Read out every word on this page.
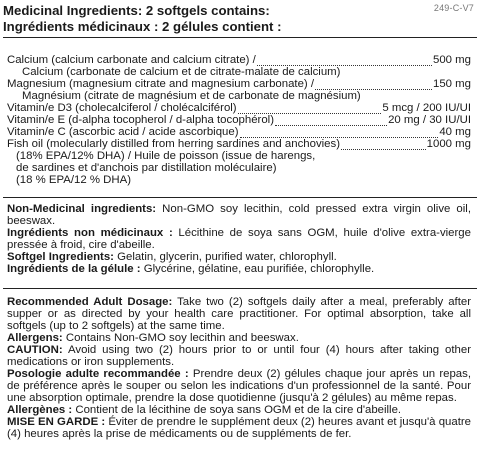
249-C-V7
Medicinal Ingredients: 2 softgels contains:
Ingrédients médicinaux : 2 gélules contient :
Calcium (calcium carbonate and calcium citrate) /	500 mg
Calcium (carbonate de calcium et de citrate-malate de calcium)
Magnesium (magnesium citrate and magnesium carbonate) /	150 mg
Magnésium (citrate de magnésium et de carbonate de magnésium)
Vitamin/e D3 (cholecalciferol / cholécalciférol)	5 mcg / 200 IU/UI
Vitamin/e E (d-alpha tocopherol / d-alpha tocophérol)	20 mg / 30 IU/UI
Vitamin/e C (ascorbic acid / acide ascorbique)	40 mg
Fish oil (molecularly distilled from herring sardines and anchovies)	1000 mg
(18% EPA/12% DHA) / Huile de poisson (issue de harengs,
de sardines et d'anchois par distillation moléculaire)
(18 % EPA/12 % DHA)

Non-Medicinal ingredients: Non-GMO soy lecithin, cold pressed extra virgin olive oil, beeswax.

Ingrédients non médicinaux : Lécithine de soya sans OGM, huile d'olive extra-vierge pressée à froid, cire d'abeille.

Softgel Ingredients: Gelatin, glycerin, purified water, chlorophyll.

Ingrédients de la gélule : Glycérine, gélatine, eau purifiée, chlorophylle.

Recommended Adult Dosage: Take two (2) softgels daily after a meal, preferably after supper or as directed by your health care practitioner. For optimal absorption, take all softgels (up to 2 softgels) at the same time.

Allergens: Contains Non-GMO soy lecithin and beeswax.

CAUTION: Avoid using two (2) hours prior to or until four (4) hours after taking other medications or iron supplements.

Posologie adulte recommandée : Prendre deux (2) gélules chaque jour après un repas, de préférence après le souper ou selon les indications d'un professionnel de la santé. Pour une absorption optimale, prendre la dose quotidienne (jusqu'à 2 gélules) au même repas.

Allergènes : Contient de la lécithine de soya sans OGM et de la cire d'abeille.

MISE EN GARDE : Éviter de prendre le supplément deux (2) heures avant et jusqu'à quatre (4) heures après la prise de médicaments ou de suppléments de fer.
